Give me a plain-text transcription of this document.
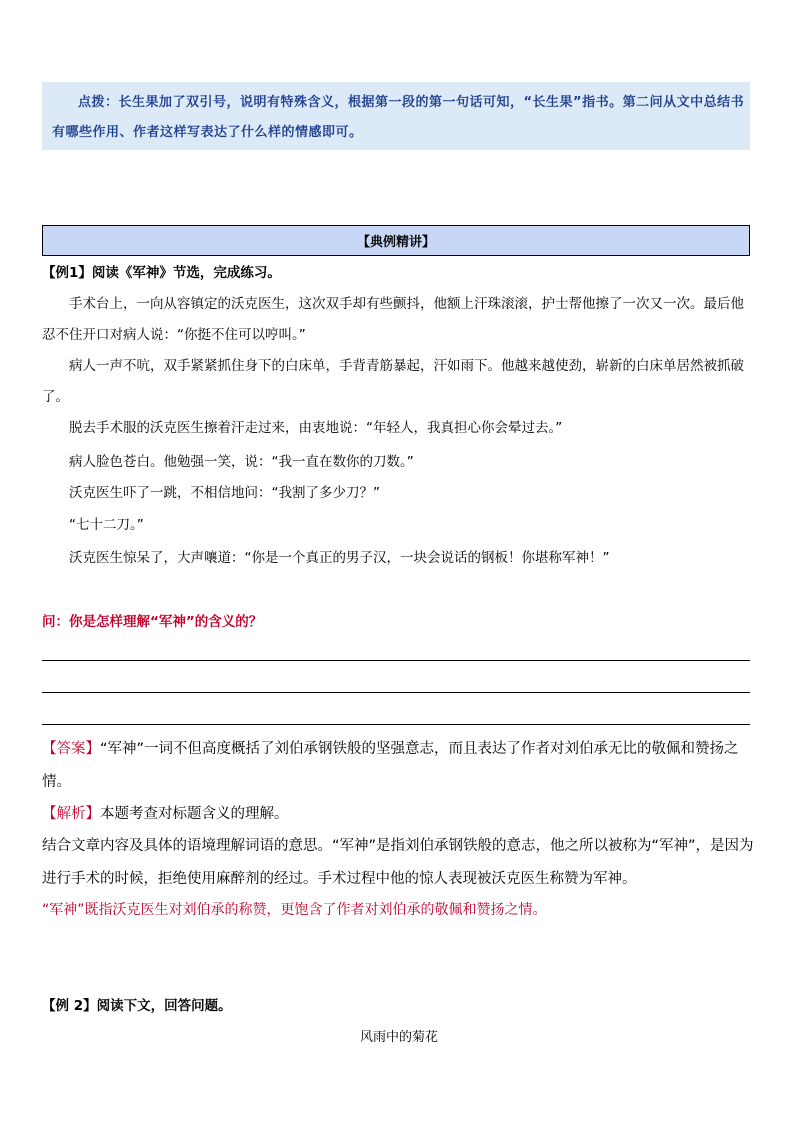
点拨：长生果加了双引号，说明有特殊含义，根据第一段的第一句话可知，“长生果”指书。第二问从文中总结书有哪些作用、作者这样写表达了什么样的情感即可。
【典例精讲】
【例1】阅读《军神》节选，完成练习。
手术台上，一向从容镇定的沃克医生，这次双手却有些颤抖，他额上汗珠滚滚，护士帮他擦了一次又一次。最后他忍不住开口对病人说：“你挺不住可以哼叫。”
病人一声不吭，双手紧紧抓住身下的白床单，手背青筋暴起，汗如雨下。他越来越使劲，崭新的白床单居然被抓破了。
脱去手术服的沃克医生擦着汗走过来，由衷地说：“年轻人，我真担心你会晕过去。”
病人脸色苍白。他勉强一笑，说：“我一直在数你的刀数。”
沃克医生吓了一跳，不相信地问：“我割了多少刀？”
“七十二刀。”
沃克医生惊呆了，大声嚷道：“你是一个真正的男子汉，一块会说话的钢板！你堪称军神！”
问：你是怎样理解“军神”的含义的？
【答案】“军神”一词不但高度概括了刘伯承钢铁般的坚强意志，而且表达了作者对刘伯承无比的敬佩和赞扬之情。
【解析】本题考查对标题含义的理解。
结合文章内容及具体的语境理解词语的意思。“军神”是指刘伯承钢铁般的意志，他之所以被称为“军神”，是因为进行手术的时候，拒绝使用麻醉剂的经过。手术过程中他的惊人表现被沃克医生称赞为军神。
“军神”既指沃克医生对刘伯承的称赞，更饱含了作者对刘伯承的敬佩和赞扬之情。
【例 2】阅读下文，回答问题。
风雨中的菊花
